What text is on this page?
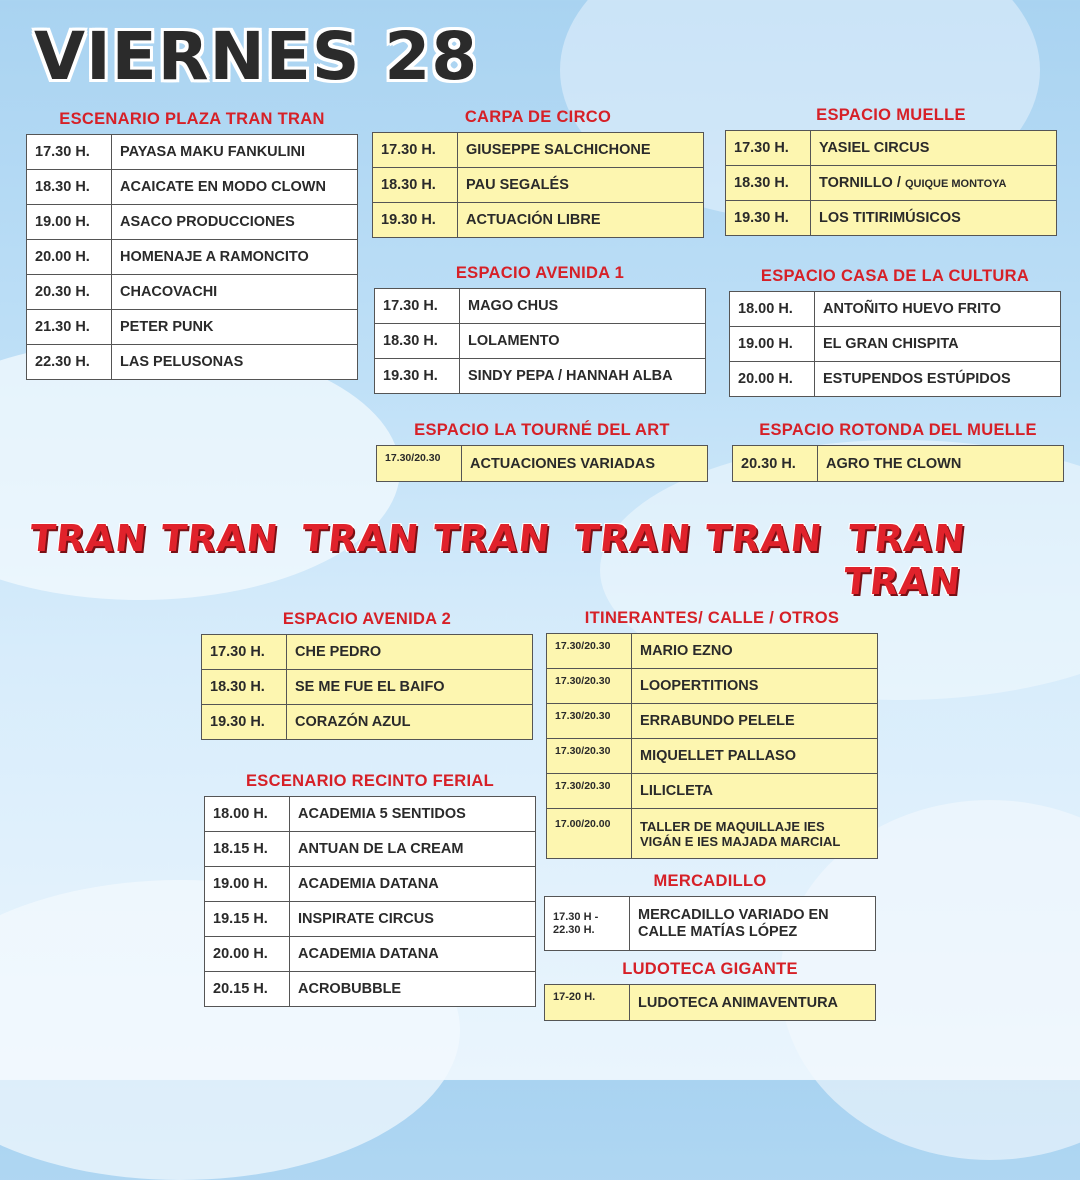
VIERNES 28
ESCENARIO PLAZA TRAN TRAN
17.30 H.	PAYASA MAKU FANKULINI
18.30 H.	ACAICATE EN MODO CLOWN
19.00 H.	ASACO PRODUCCIONES
20.00 H.	HOMENAJE A RAMONCITO
20.30 H.	CHACOVACHI
21.30 H.	PETER PUNK
22.30 H.	LAS PELUSONAS
CARPA DE CIRCO
17.30 H.	GIUSEPPE SALCHICHONE
18.30 H.	PAU SEGALÉS
19.30 H.	ACTUACIÓN LIBRE
ESPACIO MUELLE
17.30 H.	YASIEL CIRCUS
18.30 H.	TORNILLO / QUIQUE MONTOYA
19.30 H.	LOS TITIRIMÚSICOS
ESPACIO AVENIDA 1
17.30 H.	MAGO CHUS
18.30 H.	LOLAMENTO
19.30 H.	SINDY PEPA / HANNAH ALBA
ESPACIO CASA DE LA CULTURA
18.00 H.	ANTOÑITO HUEVO FRITO
19.00 H.	EL GRAN CHISPITA
20.00 H.	ESTUPENDOS ESTÚPIDOS
ESPACIO LA TOURNÉ DEL ART
17.30/20.30	ACTUACIONES VARIADAS
ESPACIO ROTONDA DEL MUELLE
20.30 H.	AGRO THE CLOWN
TRAN TRAN TRAN TRAN TRAN TRAN TRAN TRAN
ESPACIO AVENIDA 2
17.30 H.	CHE PEDRO
18.30 H.	SE ME FUE EL BAIFO
19.30 H.	CORAZÓN AZUL
ESCENARIO RECINTO FERIAL
18.00 H.	ACADEMIA 5 SENTIDOS
18.15 H.	ANTUAN DE LA CREAM
19.00 H.	ACADEMIA DATANA
19.15 H.	INSPIRATE CIRCUS
20.00 H.	ACADEMIA DATANA
20.15 H.	ACROBUBBLE
ITINERANTES/ CALLE / OTROS
17.30/20.30	MARIO EZNO
17.30/20.30	LOOPERTITIONS
17.30/20.30	ERRABUNDO PELELE
17.30/20.30	MIQUELLET PALLASO
17.30/20.30	LILICLETA
17.00/20.00	TALLER DE MAQUILLAJE IES VIGÁN E IES MAJADA MARCIAL
MERCADILLO
17.30 H - 22.30 H.	MERCADILLO VARIADO EN CALLE MATÍAS LÓPEZ
LUDOTECA GIGANTE
17-20 H.	LUDOTECA ANIMAVENTURA
